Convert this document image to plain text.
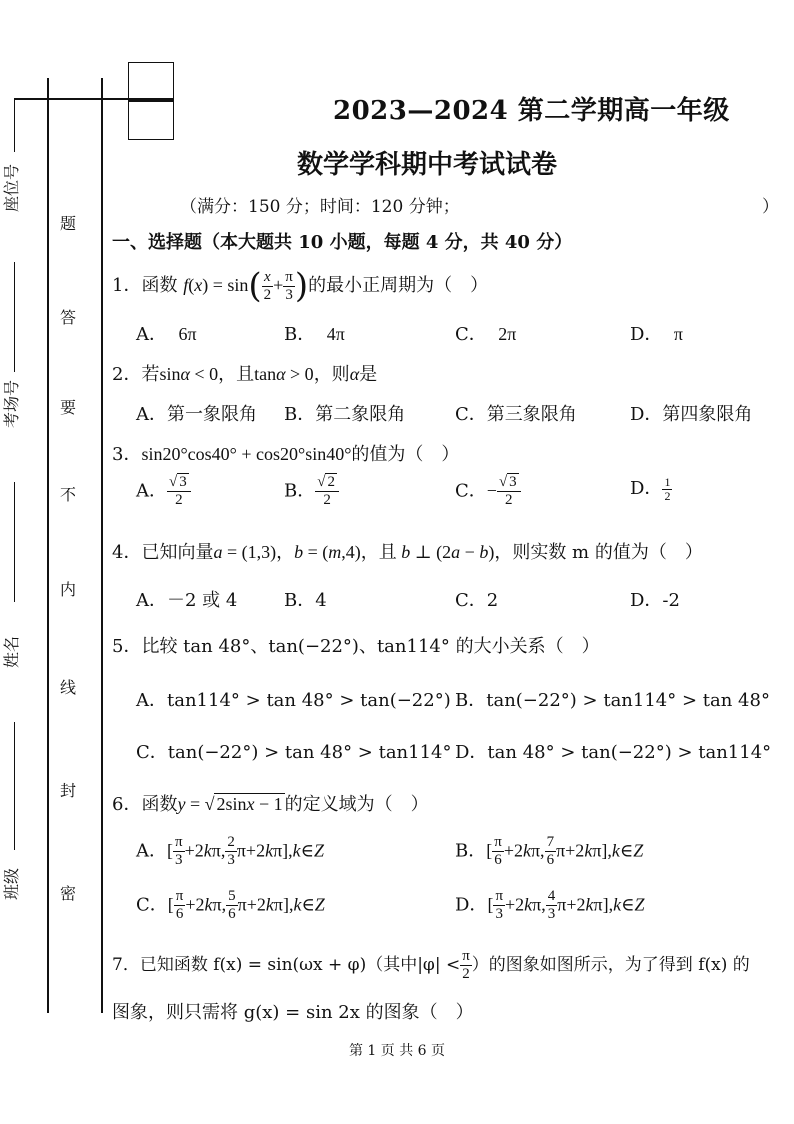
座位号
考场号
姓名
班级
题
答
要
不
内
线
封
密
2023—2024 第二学期高一年级
数学学科期中考试试卷
（满分：150 分；时间：120 分钟；	）
一、选择题（本大题共 10 小题，每题 4 分，共 40 分）
1．函数 $f(x) = \sin( \frac{x}{2} + \frac{\pi}{3}$ )的最小正周期为（　）
A． 6π	B． 4π	C． 2π	D． π
2．若sinα < 0，且tanα > 0，则α是
A．第一象限角 B．第二象限角	C．第三象限角	D．第四象限角
3．sin20°cos40° + cos20°sin40°的值为（　）
A． $\frac{√ 3}{2}$	B． $\frac{√ 2}{2}$	C．− $\frac{√ 3}{2}$	D． $\frac{1}{2}$
4．已知向量a = (1,3)，b = (m,4)，且 b ⊥ (2a − b)，则实数 m 的值为（　）
A．－2 或 4	B．4	C．2	D．-2
5．比较 tan 48°、tan(−22°)、tan114° 的大小关系（　）
A．tan114° > tan 48° > tan(−22°) B．tan(−22°) > tan114° > tan 48°
C．tan(−22°) > tan 48° > tan114° D．tan 48° > tan(−22°) > tan114°
6．函数y = √ 2sinx − 1 的定义域为（　）
A．[ $\frac{\pi}{3} +2k\pi$, $\frac{2}{3}$ π+2kπ],k∈Z	B．[ $\frac{\pi}{6} +2k\pi$, $\frac{7}{6}$ π+2kπ],k∈Z
C．[ $\frac{\pi}{6} +2k\pi$, $\frac{5}{6}$ π+2kπ],k∈Z	D．[ $\frac{\pi}{3} +2k\pi$, $\frac{4}{3}$ π+2kπ],k∈Z
7．已知函数 f(x) = sin(ωx + φ)（其中$|\varphi| < \frac{\pi}{2}$ ）的图象如图所示，为了得到 f(x) 的
图象，则只需将 g(x) = sin 2x 的图象（　）
第 1 页 共 6 页
